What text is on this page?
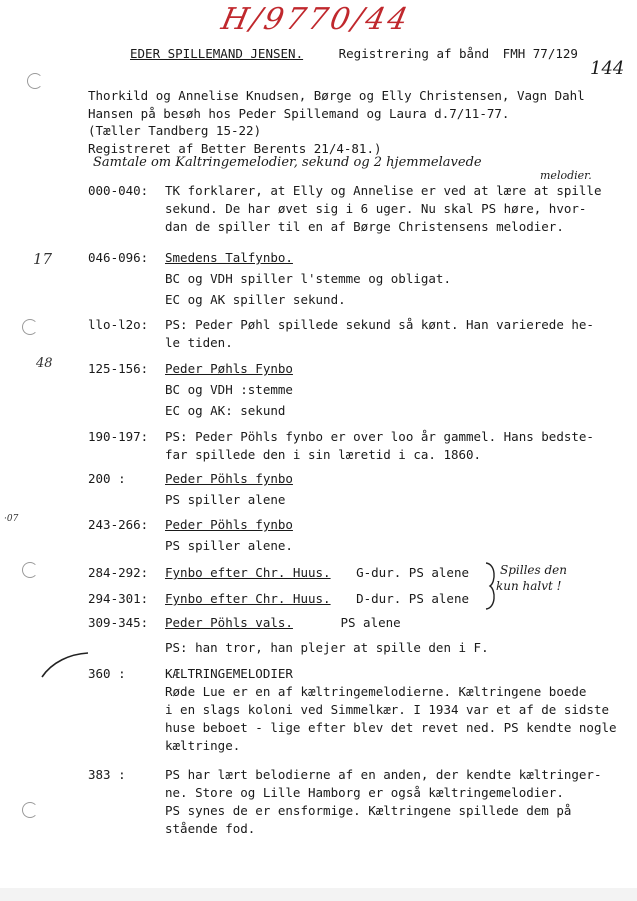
H/9770/44
EDER SPILLEMAND JENSEN.	Registrering af bånd FMH 77/129
144
Thorkild og Annelise Knudsen, Børge og Elly Christensen, Vagn Dahl
Hansen på besøh hos Peder Spillemand og Laura d.7/11-77.
(Tæller Tandberg 15-22)
Registreret af Better Berents 21/4-81.)
Samtale om Kaltringemelodier, sekund og 2 hjemmelavede
melodier.
17
48
·07
000-040:	TK forklarer, at Elly og Annelise er ved at lære at spille
sekund. De har øvet sig i 6 uger. Nu skal PS høre, hvor-
dan de spiller til en af Børge Christensens melodier.
046-096:	Smedens Talfynbo.
BC og VDH spiller l'stemme og obligat.
EC og AK spiller sekund.
llo-l2o:	PS: Peder Pøhl spillede sekund så kønt. Han varierede he-
le tiden.
125-156:	Peder Pøhls Fynbo
BC og VDH :stemme
EC og AK: sekund
190-197:	PS: Peder Pöhls fynbo er over loo år gammel. Hans bedste-
far spillede den i sin læretid i ca. 1860.
200 :	Peder Pöhls fynbo
PS spiller alene
243-266:	Peder Pöhls fynbo
PS spiller alene.
284-292:	Fynbo efter Chr. Huus. G-dur. PS alene
294-301:	Fynbo efter Chr. Huus. D-dur. PS alene
Spilles den
kun halvt !
309-345:	Peder Pöhls vals.	PS alene
PS: han tror, han plejer at spille den i F.
360 :	KÆLTRINGEMELODIER
Røde Lue er en af kæltringemelodierne. Kæltringene boede
i en slags koloni ved Simmelkær. I 1934 var et af de sidste
huse beboet - lige efter blev det revet ned. PS kendte nogle
kæltringe.
383 :	PS har lært belodierne af en anden, der kendte kæltringer-
ne. Store og Lille Hamborg er også kæltringemelodier.
PS synes de er ensformige. Kæltringene spillede dem på
stående fod.
